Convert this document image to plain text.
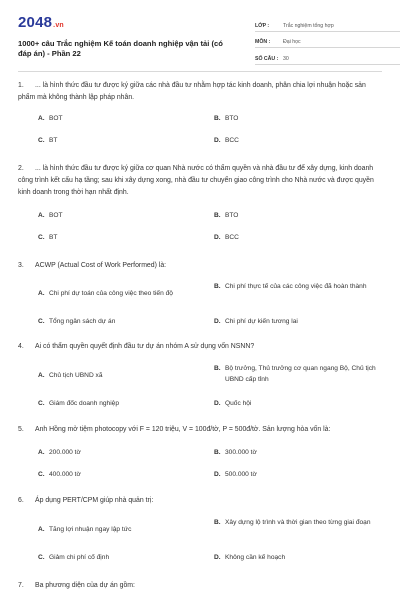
2048.vn
1000+ câu Trắc nghiệm Kế toán doanh nghiệp vận tải (có đáp án) - Phần 22
LỚP :	Trắc nghiệm tổng hợp
MÔN :	Đại học
SỐ CÂU : 30
1. ... là hình thức đầu tư được ký giữa các nhà đầu tư nhằm hợp tác kinh doanh, phân chia lợi nhuận hoặc sản phẩm mà không thành lập pháp nhân.
A. BOT	B. BTO
C. BT	D. BCC
2. ... là hình thức đầu tư được ký giữa cơ quan Nhà nước có thẩm quyền và nhà đầu tư để xây dựng, kinh doanh công trình kết cấu hạ tầng; sau khi xây dựng xong, nhà đầu tư chuyển giao công trình cho Nhà nước và được quyền kinh doanh trong thời hạn nhất định.
A. BOT	B. BTO
C. BT	D. BCC
3. ACWP (Actual Cost of Work Performed) là:
A. Chi phí dự toán của công việc theo tiến độ
B. Chi phí thực tế của các công việc đã hoàn thành
C. Tổng ngân sách dự án	D. Chi phí dự kiến tương lai
4. Ai có thẩm quyền quyết định đầu tư dự án nhóm A sử dụng vốn NSNN?
A. Chủ tịch UBND xã
B. Bộ trưởng, Thủ trưởng cơ quan ngang Bộ, Chủ tịch UBND cấp tỉnh
C. Giám đốc doanh nghiệp	D. Quốc hội
5. Anh Hồng mở tiệm photocopy với F = 120 triệu, V = 100đ/tờ, P = 500đ/tờ. Sản lượng hòa vốn là:
A. 200.000 tờ	B. 300.000 tờ
C. 400.000 tờ	D. 500.000 tờ
6. Áp dụng PERT/CPM giúp nhà quản trị:
A. Tăng lợi nhuận ngay lập tức
B. Xây dựng lộ trình và thời gian theo từng giai đoạn
C. Giảm chi phí cố định	D. Không cần kế hoạch
7. Ba phương diện của dự án gồm:
